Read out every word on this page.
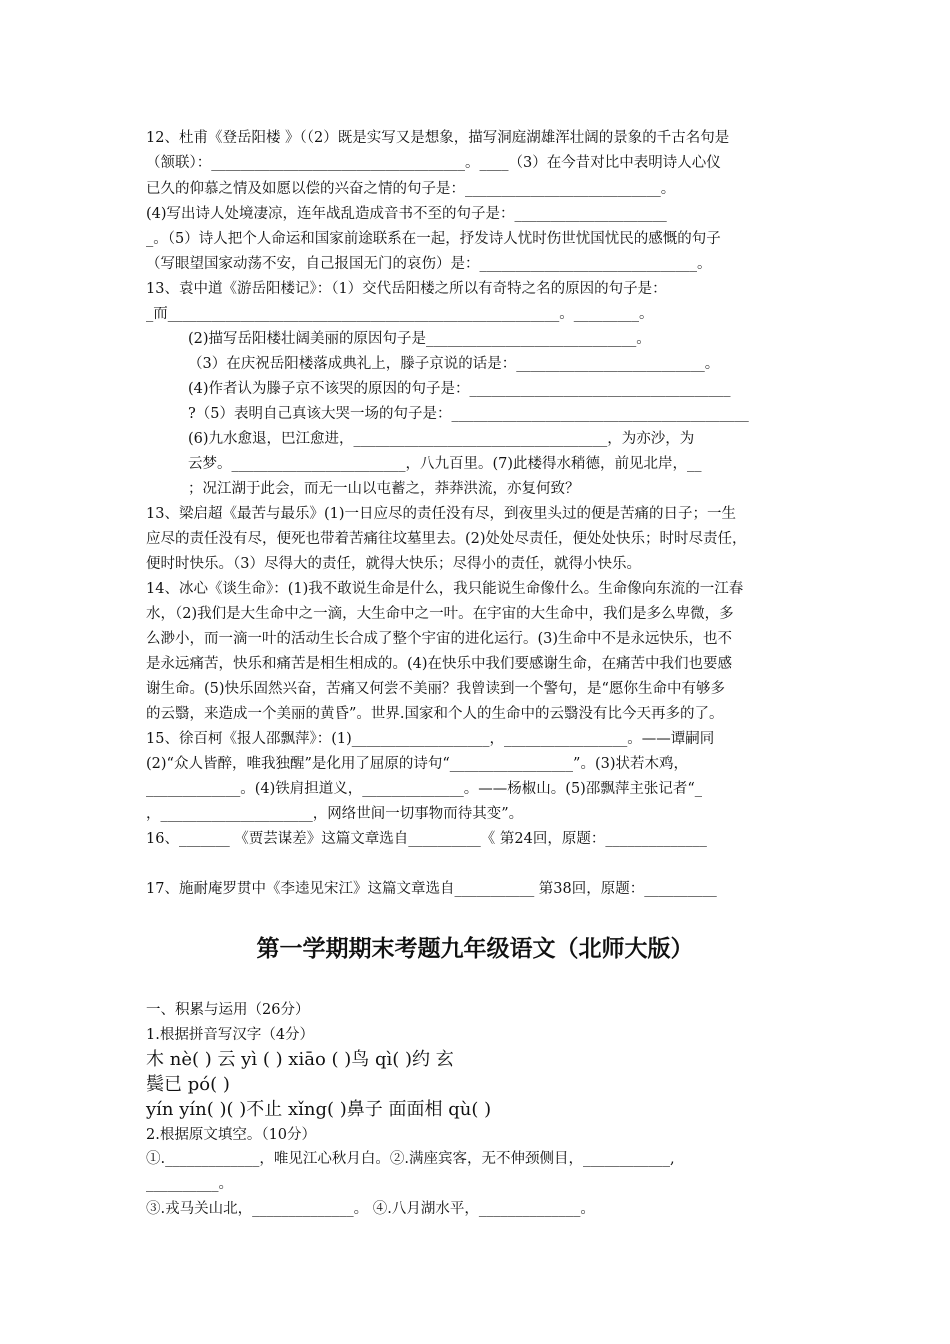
12、杜甫《登岳阳楼 》（（2）既是实写又是想象，描写洞庭湖雄浑壮阔的景象的千古名句是
（颔联）：___________________________________。____（3）在今昔对比中表明诗人心仪
已久的仰慕之情及如愿以偿的兴奋之情的句子是：___________________________。
(4)写出诗人处境凄凉，连年战乱造成音书不至的句子是：_____________________
_。（5）诗人把个人命运和国家前途联系在一起，抒发诗人忧时伤世忧国忧民的感慨的句子
（写眼望国家动荡不安，自己报国无门的哀伤）是：______________________________。
13、袁中道《游岳阳楼记》：（1）交代岳阳楼之所以有奇特之名的原因的句子是：
_而______________________________________________________。_________。
(2)描写岳阳楼壮阔美丽的原因句子是_____________________________。
（3）在庆祝岳阳楼落成典礼上，滕子京说的话是：__________________________。
(4)作者认为滕子京不该哭的原因的句子是：____________________________________
?（5）表明自己真该大哭一场的句子是：_________________________________________
(6)九水愈退，巴江愈进，___________________________________，为亦沙，为
云梦。________________________，八九百里。(7)此楼得水稍德，前见北岸，__
；况江湖于此会，而无一山以屯蓄之，莽莽洪流，亦复何致？
13、梁启超《最苦与最乐》(1)一日应尽的责任没有尽，到夜里头过的便是苦痛的日子；一生
应尽的责任没有尽，便死也带着苦痛往坟墓里去。(2)处处尽责任，便处处快乐；时时尽责任，
便时时快乐。（3）尽得大的责任，就得大快乐；尽得小的责任，就得小快乐。
14、冰心《谈生命》：(1)我不敢说生命是什么，我只能说生命像什么。生命像向东流的一江春
水，（2)我们是大生命中之一滴，大生命中之一叶。在宇宙的大生命中，我们是多么卑微，多
么渺小，而一滴一叶的活动生长合成了整个宇宙的进化运行。(3)生命中不是永远快乐，也不
是永远痛苦，快乐和痛苦是相生相成的。(4)在快乐中我们要感谢生命，在痛苦中我们也要感
谢生命。(5)快乐固然兴奋，苦痛又何尝不美丽？我曾读到一个警句，是“愿你生命中有够多
的云翳，来造成一个美丽的黄昏”。世界.国家和个人的生命中的云翳没有比今天再多的了。
15、徐百柯《报人邵飘萍》：(1)___________________，_________________。——谭嗣同
(2)“众人皆醉，唯我独醒”是化用了屈原的诗句“_________________”。(3)状若木鸡，
_____________。(4)铁肩担道义，______________。——杨椒山。(5)邵飘萍主张记者“_
，_____________________，网络世间一切事物而待其变”。
16、_______ 《贾芸谋差》这篇文章选自__________《 第24回，原题：______________
17、施耐庵罗贯中《李逵见宋江》这篇文章选自___________ 第38回，原题：__________
第一学期期末考题九年级语文（北师大版）
一、积累与运用（26分）
1.根据拼音写汉字（4分）
木 nè( ) 云 yì ( ) xiāo ( )鸟 qì( )约 玄
鬓已 pó( )
yín yín( )( )不止 xǐng( )鼻子 面面相 qù( )
2.根据原文填空。（10分）
①._____________，唯见江心秋月白。②.满座宾客，无不伸颈侧目，____________,
__________。
③.戎马关山北，______________。 ④.八月湖水平，______________。
